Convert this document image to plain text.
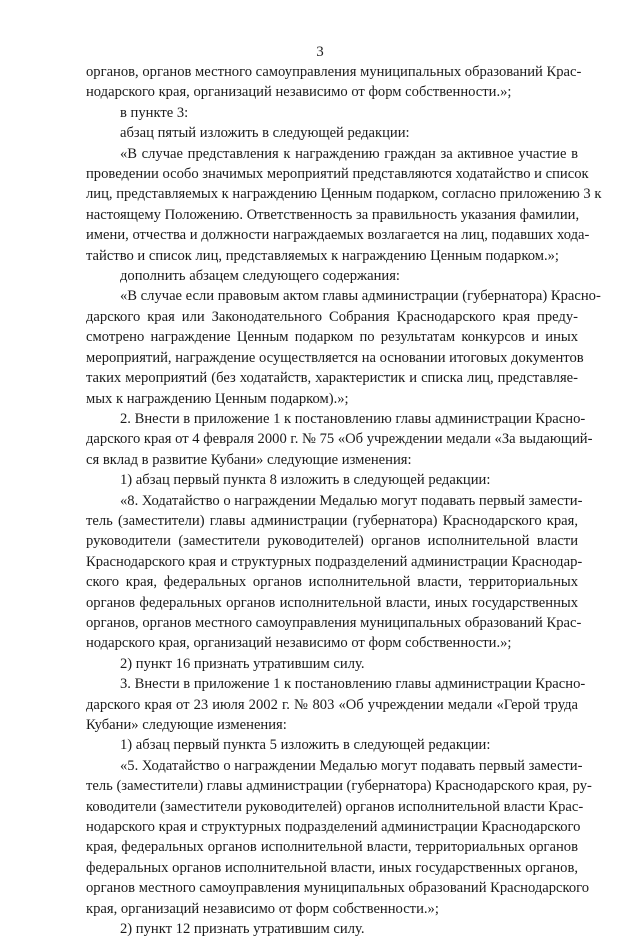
3
органов, органов местного самоуправления муниципальных образований Крас-
нодарского края, организаций независимо от форм собственности.»;
в пункте 3:
абзац пятый изложить в следующей редакции:
«В случае представления к награждению граждан за активное участие в
проведении особо значимых мероприятий представляются ходатайство и список
лиц, представляемых к награждению Ценным подарком, согласно приложению 3 к
настоящему Положению. Ответственность за правильность указания фамилии,
имени, отчества и должности награждаемых возлагается на лиц, подавших хода-
тайство и список лиц, представляемых к награждению Ценным подарком.»;
дополнить абзацем следующего содержания:
«В случае если правовым актом главы администрации (губернатора) Красно-
дарского края или Законодательного Собрания Краснодарского края преду-
смотрено награждение Ценным подарком по результатам конкурсов и иных
мероприятий, награждение осуществляется на основании итоговых документов
таких мероприятий (без ходатайств, характеристик и списка лиц, представляе-
мых к награждению Ценным подарком).»;
2. Внести в приложение 1 к постановлению главы администрации Красно-
дарского края от 4 февраля 2000 г. № 75 «Об учреждении медали «За выдающий-
ся вклад в развитие Кубани» следующие изменения:
1) абзац первый пункта 8 изложить в следующей редакции:
«8. Ходатайство о награждении Медалью могут подавать первый замести-
тель (заместители) главы администрации (губернатора) Краснодарского края,
руководители (заместители руководителей) органов исполнительной власти
Краснодарского края и структурных подразделений администрации Краснодар-
ского края, федеральных органов исполнительной власти, территориальных
органов федеральных органов исполнительной власти, иных государственных
органов, органов местного самоуправления муниципальных образований Крас-
нодарского края, организаций независимо от форм собственности.»;
2) пункт 16 признать утратившим силу.
3. Внести в приложение 1 к постановлению главы администрации Красно-
дарского края от 23 июля 2002 г. № 803 «Об учреждении медали «Герой труда
Кубани» следующие изменения:
1) абзац первый пункта 5 изложить в следующей редакции:
«5. Ходатайство о награждении Медалью могут подавать первый замести-
тель (заместители) главы администрации (губернатора) Краснодарского края, ру-
ководители (заместители руководителей) органов исполнительной власти Крас-
нодарского края и структурных подразделений администрации Краснодарского
края, федеральных органов исполнительной власти, территориальных органов
федеральных органов исполнительной власти, иных государственных органов,
органов местного самоуправления муниципальных образований Краснодарского
края, организаций независимо от форм собственности.»;
2) пункт 12 признать утратившим силу.
